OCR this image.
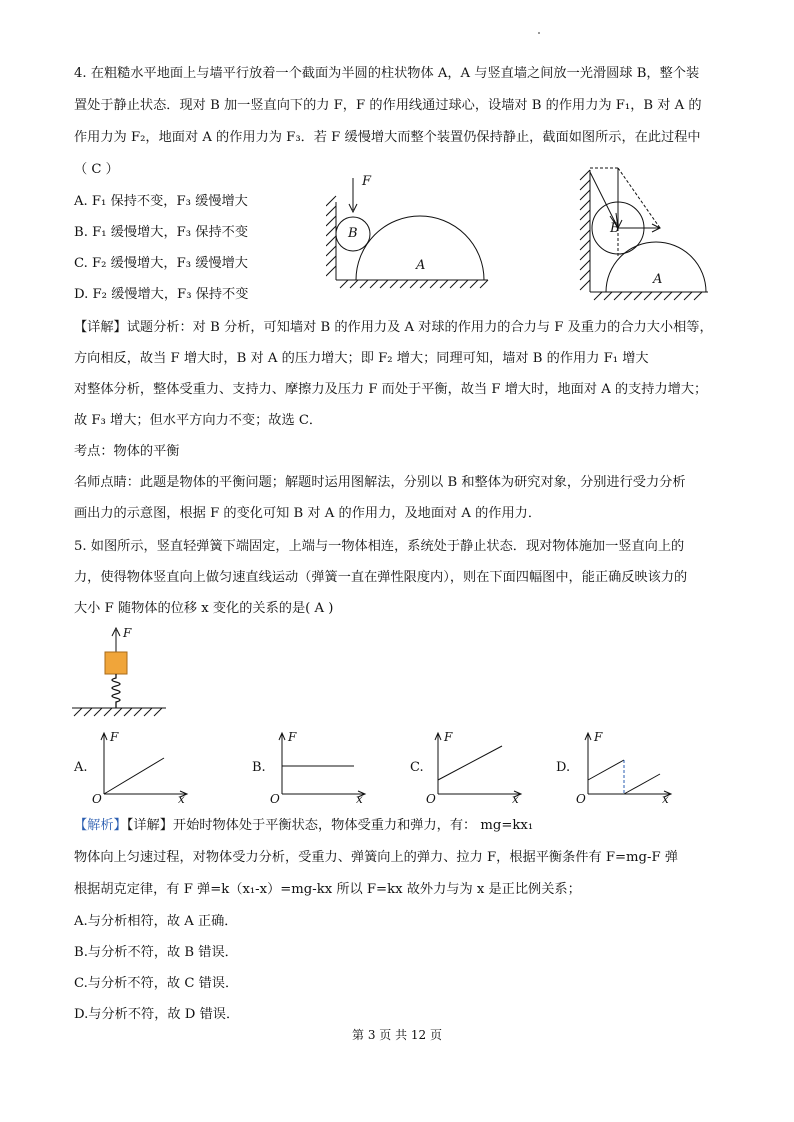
4. 在粗糙水平地面上与墙平行放着一个截面为半圆的柱状物体 A，A 与竖直墙之间放一光滑圆球 B，整个装
置处于静止状态．现对 B 加一竖直向下的力 F，F 的作用线通过球心，设墙对 B 的作用力为 F₁，B 对 A 的
作用力为 F₂，地面对 A 的作用力为 F₃．若 F 缓慢增大而整个装置仍保持静止，截面如图所示，在此过程中
（ C ）
A. F₁ 保持不变，F₃ 缓慢增大
B. F₁ 缓慢增大，F₃ 保持不变
C. F₂ 缓慢增大，F₃ 缓慢增大
D. F₂ 缓慢增大，F₃ 保持不变
F
B
A
B
A
【详解】试题分析：对 B 分析，可知墙对 B 的作用力及 A 对球的作用力的合力与 F 及重力的合力大小相等，
方向相反，故当 F 增大时，B 对 A 的压力增大；即 F₂ 增大；同理可知，墙对 B 的作用力 F₁ 增大
对整体分析，整体受重力、支持力、摩擦力及压力 F 而处于平衡，故当 F 增大时，地面对 A 的支持力增大；
故 F₃ 增大；但水平方向力不变；故选 C．
考点：物体的平衡
名师点睛：此题是物体的平衡问题；解题时运用图解法，分别以 B 和整体为研究对象，分别进行受力分析
画出力的示意图，根据 F 的变化可知 B 对 A 的作用力，及地面对 A 的作用力．
5. 如图所示，竖直轻弹簧下端固定，上端与一物体相连，系统处于静止状态．现对物体施加一竖直向上的
力，使得物体竖直向上做匀速直线运动（弹簧一直在弹性限度内），则在下面四幅图中，能正确反映该力的
大小 F 随物体的位移 x 变化的关系的是( A )
F
A.
F
x
O
B.
F
x
O
C.
F
x
O
D.
F
x
O
【解析】【详解】开始时物体处于平衡状态，物体受重力和弹力，有： mg=kx₁
物体向上匀速过程，对物体受力分析，受重力、弹簧向上的弹力、拉力 F，根据平衡条件有 F=mg-F 弹
根据胡克定律，有 F 弹=k（x₁-x）=mg-kx 所以 F=kx 故外力与为 x 是正比例关系；
A.与分析相符，故 A 正确．
B.与分析不符，故 B 错误．
C.与分析不符，故 C 错误．
D.与分析不符，故 D 错误．
第 3 页 共 12 页
